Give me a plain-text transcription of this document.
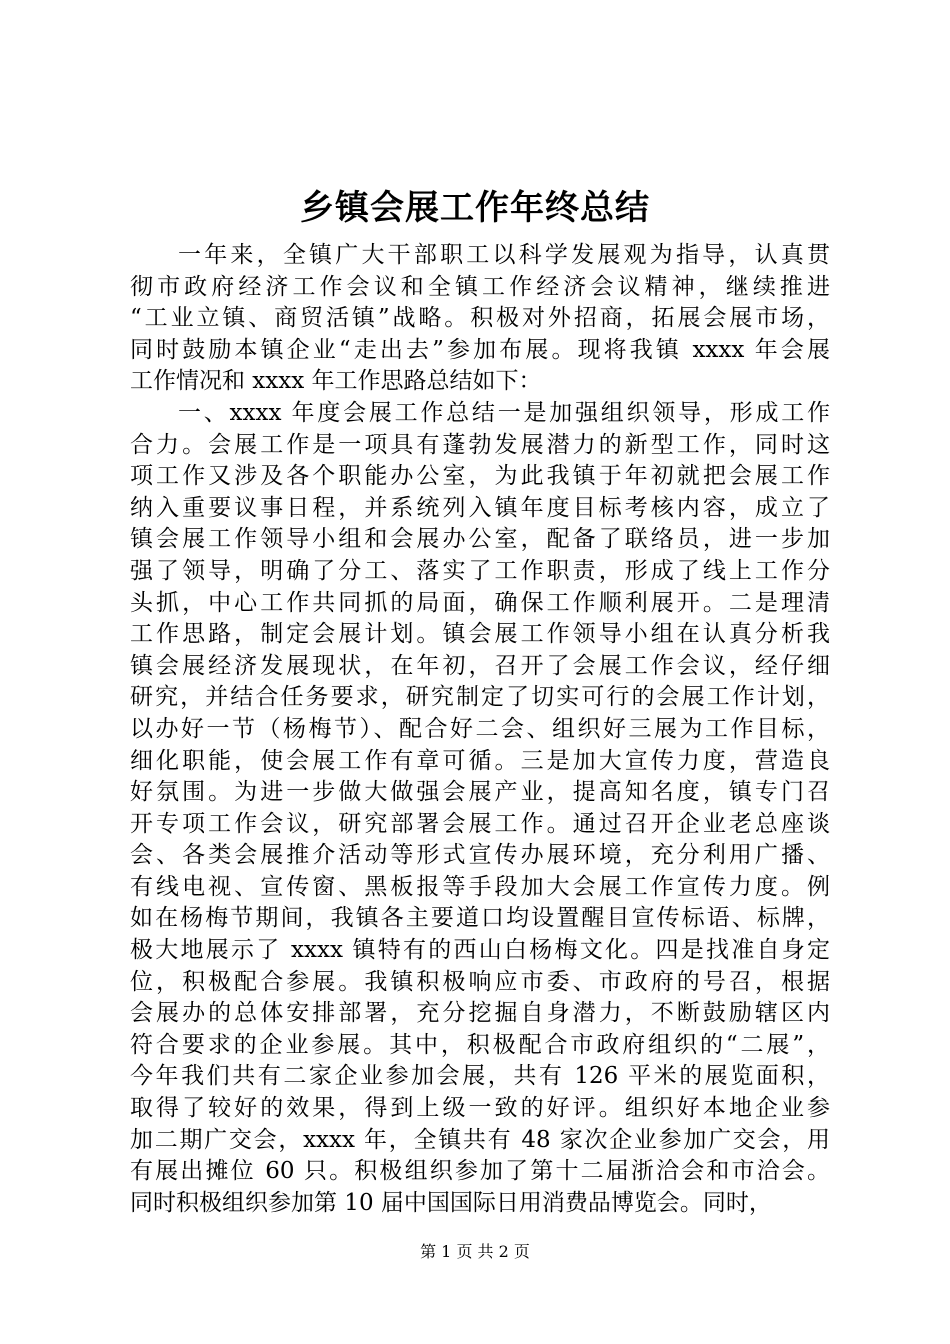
乡镇会展工作年终总结
一年来，全镇广大干部职工以科学发展观为指导，认真贯
彻市政府经济工作会议和全镇工作经济会议精神，继续推进
“工业立镇、商贸活镇”战略。积极对外招商，拓展会展市场，
同时鼓励本镇企业“走出去”参加布展。现将我镇 xxxx 年会展
工作情况和 xxxx 年工作思路总结如下：
一、xxxx 年度会展工作总结一是加强组织领导，形成工作
合力。会展工作是一项具有蓬勃发展潜力的新型工作，同时这
项工作又涉及各个职能办公室，为此我镇于年初就把会展工作
纳入重要议事日程，并系统列入镇年度目标考核内容，成立了
镇会展工作领导小组和会展办公室，配备了联络员，进一步加
强了领导，明确了分工、落实了工作职责，形成了线上工作分
头抓，中心工作共同抓的局面，确保工作顺利展开。二是理清
工作思路，制定会展计划。镇会展工作领导小组在认真分析我
镇会展经济发展现状，在年初，召开了会展工作会议，经仔细
研究，并结合任务要求，研究制定了切实可行的会展工作计划，
以办好一节（杨梅节）、配合好二会、组织好三展为工作目标，
细化职能，使会展工作有章可循。三是加大宣传力度，营造良
好氛围。为进一步做大做强会展产业，提高知名度，镇专门召
开专项工作会议，研究部署会展工作。通过召开企业老总座谈
会、各类会展推介活动等形式宣传办展环境，充分利用广播、
有线电视、宣传窗、黑板报等手段加大会展工作宣传力度。例
如在杨梅节期间，我镇各主要道口均设置醒目宣传标语、标牌，
极大地展示了 xxxx 镇特有的西山白杨梅文化。四是找准自身定
位，积极配合参展。我镇积极响应市委、市政府的号召，根据
会展办的总体安排部署，充分挖掘自身潜力，不断鼓励辖区内
符合要求的企业参展。其中，积极配合市政府组织的“二展”，
今年我们共有二家企业参加会展，共有 126 平米的展览面积，
取得了较好的效果，得到上级一致的好评。组织好本地企业参
加二期广交会，xxxx 年，全镇共有 48 家次企业参加广交会，用
有展出摊位 60 只。积极组织参加了第十二届浙洽会和市洽会。
同时积极组织参加第 10 届中国国际日用消费品博览会。同时，
第 1 页 共 2 页
